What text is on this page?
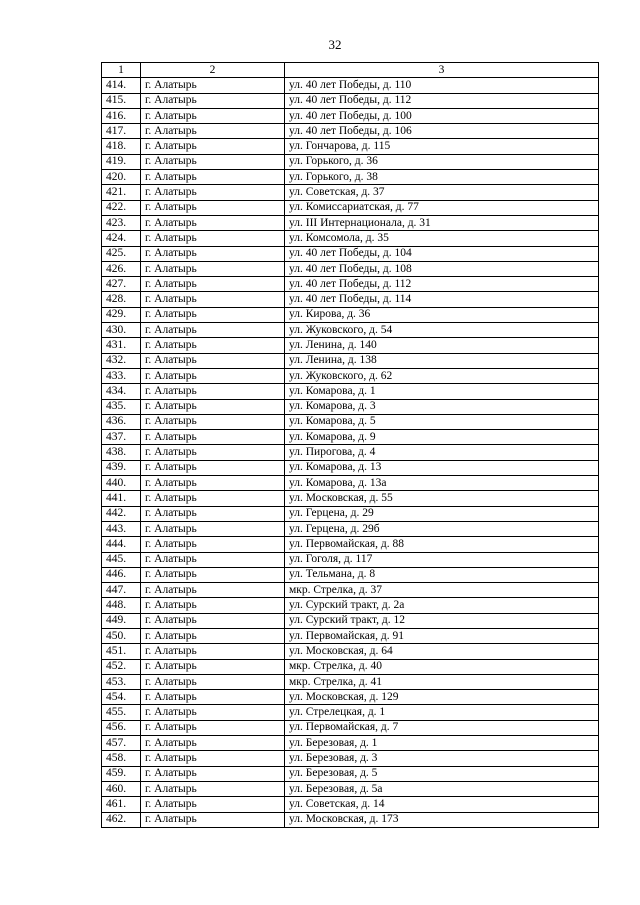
32
1	2	3
414.	г. Алатырь	ул. 40 лет Победы, д. 110
415.	г. Алатырь	ул. 40 лет Победы, д. 112
416.	г. Алатырь	ул. 40 лет Победы, д. 100
417.	г. Алатырь	ул. 40 лет Победы, д. 106
418.	г. Алатырь	ул. Гончарова, д. 115
419.	г. Алатырь	ул. Горького, д. 36
420.	г. Алатырь	ул. Горького, д. 38
421.	г. Алатырь	ул. Советская, д. 37
422.	г. Алатырь	ул. Комиссариатская, д. 77
423.	г. Алатырь	ул. III Интернационала, д. 31
424.	г. Алатырь	ул. Комсомола, д. 35
425.	г. Алатырь	ул. 40 лет Победы, д. 104
426.	г. Алатырь	ул. 40 лет Победы, д. 108
427.	г. Алатырь	ул. 40 лет Победы, д. 112
428.	г. Алатырь	ул. 40 лет Победы, д. 114
429.	г. Алатырь	ул. Кирова, д. 36
430.	г. Алатырь	ул. Жуковского, д. 54
431.	г. Алатырь	ул. Ленина, д. 140
432.	г. Алатырь	ул. Ленина, д. 138
433.	г. Алатырь	ул. Жуковского, д. 62
434.	г. Алатырь	ул. Комарова, д. 1
435.	г. Алатырь	ул. Комарова, д. 3
436.	г. Алатырь	ул. Комарова, д. 5
437.	г. Алатырь	ул. Комарова, д. 9
438.	г. Алатырь	ул. Пирогова, д. 4
439.	г. Алатырь	ул. Комарова, д. 13
440.	г. Алатырь	ул. Комарова, д. 13а
441.	г. Алатырь	ул. Московская, д. 55
442.	г. Алатырь	ул. Герцена, д. 29
443.	г. Алатырь	ул. Герцена, д. 29б
444.	г. Алатырь	ул. Первомайская, д. 88
445.	г. Алатырь	ул. Гоголя, д. 117
446.	г. Алатырь	ул. Тельмана, д. 8
447.	г. Алатырь	мкр. Стрелка, д. 37
448.	г. Алатырь	ул. Сурский тракт, д. 2а
449.	г. Алатырь	ул. Сурский тракт, д. 12
450.	г. Алатырь	ул. Первомайская, д. 91
451.	г. Алатырь	ул. Московская, д. 64
452.	г. Алатырь	мкр. Стрелка, д. 40
453.	г. Алатырь	мкр. Стрелка, д. 41
454.	г. Алатырь	ул. Московская, д. 129
455.	г. Алатырь	ул. Стрелецкая, д. 1
456.	г. Алатырь	ул. Первомайская, д. 7
457.	г. Алатырь	ул. Березовая, д. 1
458.	г. Алатырь	ул. Березовая, д. 3
459.	г. Алатырь	ул. Березовая, д. 5
460.	г. Алатырь	ул. Березовая, д. 5а
461.	г. Алатырь	ул. Советская, д. 14
462.	г. Алатырь	ул. Московская, д. 173
